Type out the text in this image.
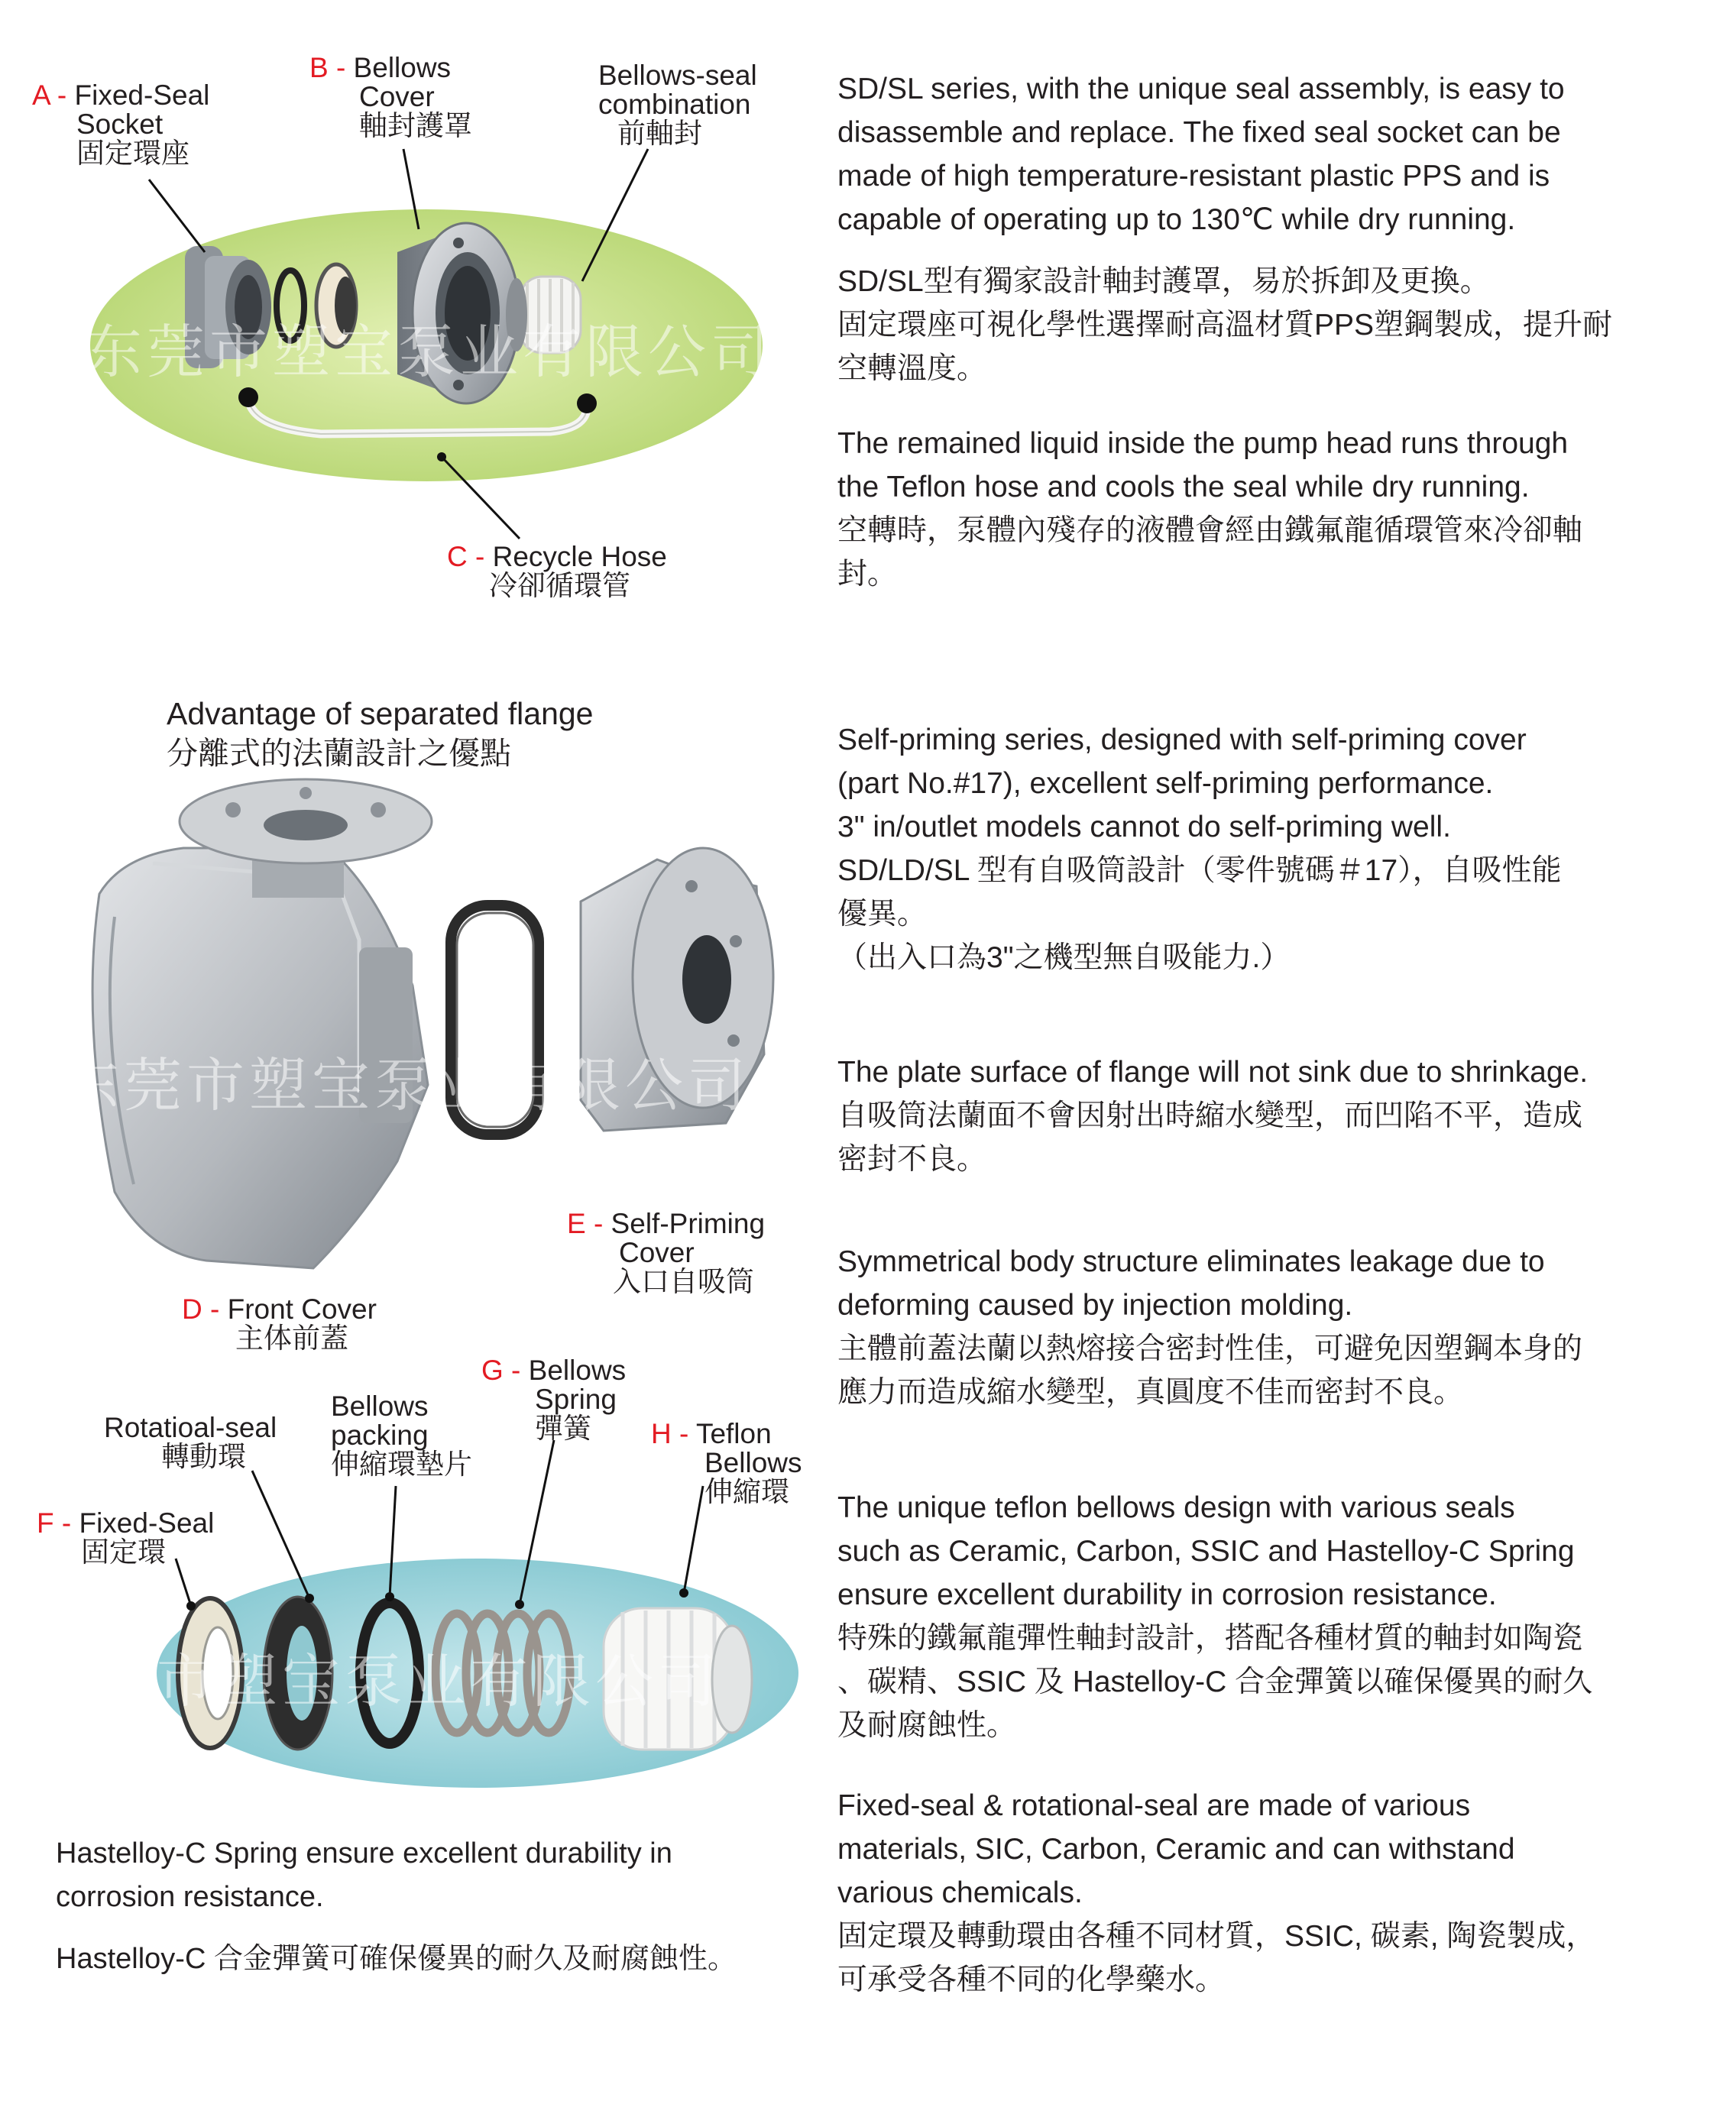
东莞市塑宝泵业有限公司
东莞市塑宝泵业有限公司
市塑宝泵业有限公司
A - Fixed-Seal
Socket
固定環座
B - Bellows
Cover
軸封護罩
Bellows-seal
combination
前軸封
C - Recycle Hose
冷卻循環管
Advantage of separated flange
分離式的法蘭設計之優點
E - Self-Priming
Cover
入口自吸筒
D - Front Cover
主体前蓋
G - Bellows
Spring
彈簧
Bellows
packing
伸縮環墊片
Rotatioal-seal
轉動環
H - Teflon
Bellows
伸縮環
F - Fixed-Seal
固定環
Hastelloy-C Spring ensure excellent durability in
corrosion resistance.
Hastelloy-C 合金彈簧可確保優異的耐久及耐腐蝕性。

SD/SL series, with the unique seal assembly, is easy to

disassemble and replace. The fixed seal socket can be

made of high temperature-resistant plastic PPS and is

capable of operating up to 130℃ while dry running.

SD/SL型有獨家設計軸封護罩，易於拆卸及更換。

固定環座可視化學性選擇耐高溫材質PPS塑鋼製成，提升耐

空轉溫度。

The remained liquid inside the pump head runs through

the Teflon hose and cools the seal while dry running.

空轉時，泵體內殘存的液體會經由鐵氟龍循環管來冷卻軸

封。

Self-priming series, designed with self-priming cover

(part No.#17), excellent self-priming performance.

3" in/outlet models cannot do self-priming well.

SD/LD/SL 型有自吸筒設計（零件號碼＃17），自吸性能

優異。

（出入口為3"之機型無自吸能力.）

The plate surface of flange will not sink due to shrinkage.

自吸筒法蘭面不會因射出時縮水變型，而凹陷不平，造成

密封不良。

Symmetrical body structure eliminates leakage due to

deforming caused by injection molding.

主體前蓋法蘭以熱熔接合密封性佳，可避免因塑鋼本身的

應力而造成縮水變型，真圓度不佳而密封不良。

The unique teflon bellows design with various seals

such as Ceramic, Carbon, SSIC and Hastelloy-C Spring

ensure excellent durability in corrosion resistance.

特殊的鐵氟龍彈性軸封設計，搭配各種材質的軸封如陶瓷

、碳精、SSIC 及 Hastelloy-C 合金彈簧以確保優異的耐久

及耐腐蝕性。

Fixed-seal & rotational-seal are made of various

materials, SIC, Carbon, Ceramic and can withstand

various chemicals.

固定環及轉動環由各種不同材質，SSIC, 碳素, 陶瓷製成，

可承受各種不同的化學藥水。
